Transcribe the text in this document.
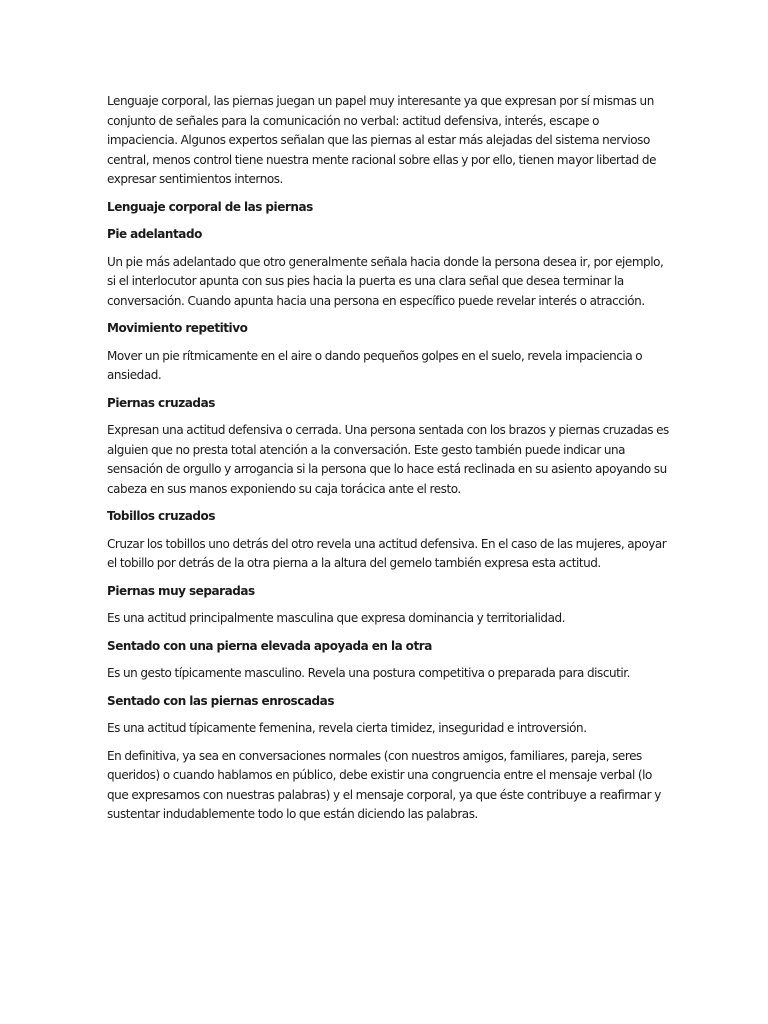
Lenguaje corporal, las piernas juegan un papel muy interesante ya que expresan por sí mismas un conjunto de señales para la comunicación no verbal: actitud defensiva, interés, escape o impaciencia. Algunos expertos señalan que las piernas al estar más alejadas del sistema nervioso central, menos control tiene nuestra mente racional sobre ellas y por ello, tienen mayor libertad de expresar sentimientos internos.

Lenguaje corporal de las piernas

Pie adelantado

Un pie más adelantado que otro generalmente señala hacia donde la persona desea ir, por ejemplo, si el interlocutor apunta con sus pies hacia la puerta es una clara señal que desea terminar la conversación. Cuando apunta hacia una persona en específico puede revelar interés o atracción.

Movimiento repetitivo

Mover un pie rítmicamente en el aire o dando pequeños golpes en el suelo, revela impaciencia o ansiedad.

Piernas cruzadas

Expresan una actitud defensiva o cerrada. Una persona sentada con los brazos y piernas cruzadas es alguien que no presta total atención a la conversación. Este gesto también puede indicar una sensación de orgullo y arrogancia si la persona que lo hace está reclinada en su asiento apoyando su cabeza en sus manos exponiendo su caja torácica ante el resto.

Tobillos cruzados

Cruzar los tobillos uno detrás del otro revela una actitud defensiva. En el caso de las mujeres, apoyar el tobillo por detrás de la otra pierna a la altura del gemelo también expresa esta actitud.

Piernas muy separadas

Es una actitud principalmente masculina que expresa dominancia y territorialidad.

Sentado con una pierna elevada apoyada en la otra

Es un gesto típicamente masculino. Revela una postura competitiva o preparada para discutir.

Sentado con las piernas enroscadas

Es una actitud típicamente femenina, revela cierta timidez, inseguridad e introversión.

En definitiva, ya sea en conversaciones normales (con nuestros amigos, familiares, pareja, seres queridos) o cuando hablamos en público, debe existir una congruencia entre el mensaje verbal (lo que expresamos con nuestras palabras) y el mensaje corporal, ya que éste contribuye a reafirmar y sustentar indudablemente todo lo que están diciendo las palabras.
